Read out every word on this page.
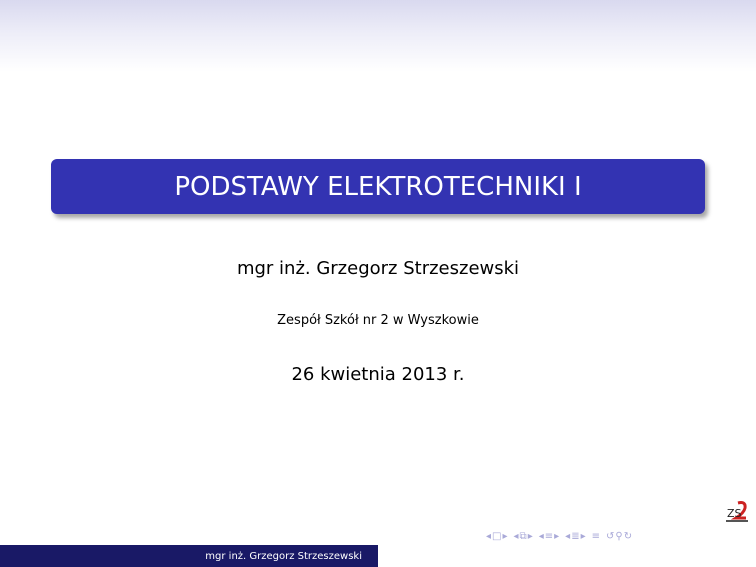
PODSTAWY ELEKTROTECHNIKI I
mgr inż. Grzegorz Strzeszewski
Zespół Szkół nr 2 w Wyszkowie
26 kwietnia 2013 r.
ZS
◂ □ ▸ ◂ ⧉ ▸ ◂ ≡ ▸ ◂ ≣ ▸ ≡ ↺ ⚲ ↻
mgr inż. Grzegorz Strzeszewski
